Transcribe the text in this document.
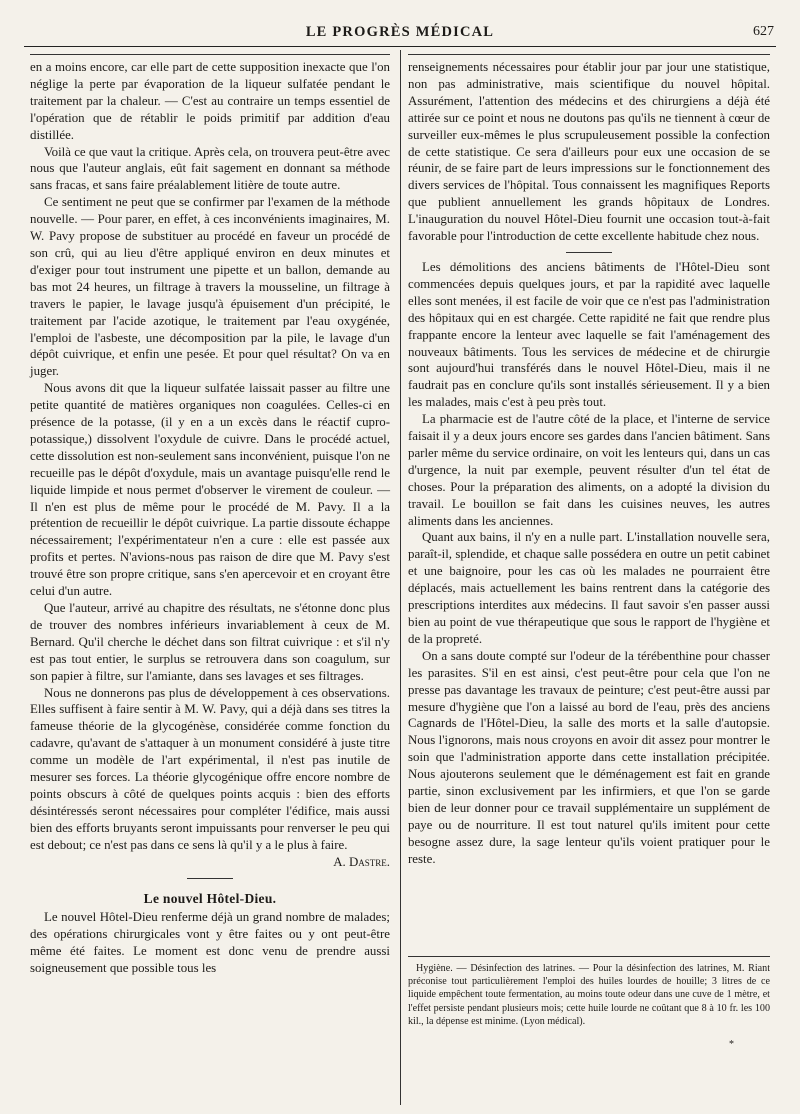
LE PROGRÈS MÉDICAL	627

en a moins encore, car elle part de cette supposition inexacte que l'on néglige la perte par évaporation de la liqueur sulfatée pendant le traitement par la chaleur. — C'est au contraire un temps essentiel de l'opération que de rétablir le poids primitif par addition d'eau distillée.

Voilà ce que vaut la critique. Après cela, on trouvera peut-être avec nous que l'auteur anglais, eût fait sagement en donnant sa méthode sans fracas, et sans faire préalablement litière de toute autre.

Ce sentiment ne peut que se confirmer par l'examen de la méthode nouvelle. — Pour parer, en effet, à ces inconvénients imaginaires, M. W. Pavy propose de substituer au procédé en faveur un procédé de son crû, qui au lieu d'être appliqué environ en deux minutes et d'exiger pour tout instrument une pipette et un ballon, demande au bas mot 24 heures, un filtrage à travers la mousseline, un filtrage à travers le papier, le lavage jusqu'à épuisement d'un précipité, le traitement par l'acide azotique, le traitement par l'eau oxygénée, l'emploi de l'asbeste, une décomposition par la pile, le lavage d'un dépôt cuivrique, et enfin une pesée. Et pour quel résultat? On va en juger.

Nous avons dit que la liqueur sulfatée laissait passer au filtre une petite quantité de matières organiques non coagulées. Celles-ci en présence de la potasse, (il y en a un excès dans le réactif cupro-potassique,) dissolvent l'oxydule de cuivre. Dans le procédé actuel, cette dissolution est non-seulement sans inconvénient, puisque l'on ne recueille pas le dépôt d'oxydule, mais un avantage puisqu'elle rend le liquide limpide et nous permet d'observer le virement de couleur. — Il n'en est plus de même pour le procédé de M. Pavy. Il a la prétention de recueillir le dépôt cuivrique. La partie dissoute échappe nécessairement; l'expérimentateur n'en a cure : elle est passée aux profits et pertes. N'avions-nous pas raison de dire que M. Pavy s'est trouvé être son propre critique, sans s'en apercevoir et en croyant être celui d'un autre.

Que l'auteur, arrivé au chapitre des résultats, ne s'étonne donc plus de trouver des nombres inférieurs invariablement à ceux de M. Bernard. Qu'il cherche le déchet dans son filtrat cuivrique : et s'il n'y est pas tout entier, le surplus se retrouvera dans son coagulum, sur son papier à filtre, sur l'amiante, dans ses lavages et ses filtrages.

Nous ne donnerons pas plus de développement à ces observations. Elles suffisent à faire sentir à M. W. Pavy, qui a déjà dans ses titres la fameuse théorie de la glycogénèse, considérée comme fonction du cadavre, qu'avant de s'attaquer à un monument considéré à juste titre comme un modèle de l'art expérimental, il n'est pas inutile de mesurer ses forces. La théorie glycogénique offre encore nombre de points obscurs à côté de quelques points acquis : bien des efforts désintéressés seront nécessaires pour compléter l'édifice, mais aussi bien des efforts bruyants seront impuissants pour renverser le peu qui est debout; ce n'est pas dans ce sens là qu'il y a le plus à faire.

A. Dastre.
Le nouvel Hôtel-Dieu.

Le nouvel Hôtel-Dieu renferme déjà un grand nombre de malades; des opérations chirurgicales vont y être faites ou y ont peut-être même été faites. Le moment est donc venu de prendre aussi soigneusement que possible tous les

renseignements nécessaires pour établir jour par jour une statistique, non pas administrative, mais scientifique du nouvel hôpital. Assurément, l'attention des médecins et des chirurgiens a déjà été attirée sur ce point et nous ne doutons pas qu'ils ne tiennent à cœur de surveiller eux-mêmes le plus scrupuleusement possible la confection de cette statistique. Ce sera d'ailleurs pour eux une occasion de se réunir, de se faire part de leurs impressions sur le fonctionnement des divers services de l'hôpital. Tous connaissent les magnifiques Reports que publient annuellement les grands hôpitaux de Londres. L'inauguration du nouvel Hôtel-Dieu fournit une occasion tout-à-fait favorable pour l'introduction de cette excellente habitude chez nous.

Les démolitions des anciens bâtiments de l'Hôtel-Dieu sont commencées depuis quelques jours, et par la rapidité avec laquelle elles sont menées, il est facile de voir que ce n'est pas l'administration des hôpitaux qui en est chargée. Cette rapidité ne fait que rendre plus frappante encore la lenteur avec laquelle se fait l'aménagement des nouveaux bâtiments. Tous les services de médecine et de chirurgie sont aujourd'hui transférés dans le nouvel Hôtel-Dieu, mais il ne faudrait pas en conclure qu'ils sont installés sérieusement. Il y a bien les malades, mais c'est à peu près tout.

La pharmacie est de l'autre côté de la place, et l'interne de service faisait il y a deux jours encore ses gardes dans l'ancien bâtiment. Sans parler même du service ordinaire, on voit les lenteurs qui, dans un cas d'urgence, la nuit par exemple, peuvent résulter d'un tel état de choses. Pour la préparation des aliments, on a adopté la division du travail. Le bouillon se fait dans les cuisines neuves, les autres aliments dans les anciennes.

Quant aux bains, il n'y en a nulle part. L'installation nouvelle sera, paraît-il, splendide, et chaque salle possédera en outre un petit cabinet et une baignoire, pour les cas où les malades ne pourraient être déplacés, mais actuellement les bains rentrent dans la catégorie des prescriptions interdites aux médecins. Il faut savoir s'en passer aussi bien au point de vue thérapeutique que sous le rapport de l'hygiène et de la propreté.

On a sans doute compté sur l'odeur de la térébenthine pour chasser les parasites. S'il en est ainsi, c'est peut-être pour cela que l'on ne presse pas davantage les travaux de peinture; c'est peut-être aussi par mesure d'hygiène que l'on a laissé au bord de l'eau, près des anciens Cagnards de l'Hôtel-Dieu, la salle des morts et la salle d'autopsie. Nous l'ignorons, mais nous croyons en avoir dit assez pour montrer le soin que l'administration apporte dans cette installation précipitée. Nous ajouterons seulement que le déménagement est fait en grande partie, sinon exclusivement par les infirmiers, et que l'on se garde bien de leur donner pour ce travail supplémentaire un supplément de paye ou de nourriture. Il est tout naturel qu'ils imitent pour cette besogne assez dure, la sage lenteur qu'ils voient pratiquer pour le reste.

Hygiène. — Désinfection des latrines. — Pour la désinfection des latrines, M. Riant préconise tout particulièrement l'emploi des huiles lourdes de houille; 3 litres de ce liquide empêchent toute fermentation, au moins toute odeur dans une cuve de 1 mètre, et l'effet persiste pendant plusieurs mois; cette huile lourde ne coûtant que 8 à 10 fr. les 100 kil., la dépense est minime. (Lyon médical).

*
